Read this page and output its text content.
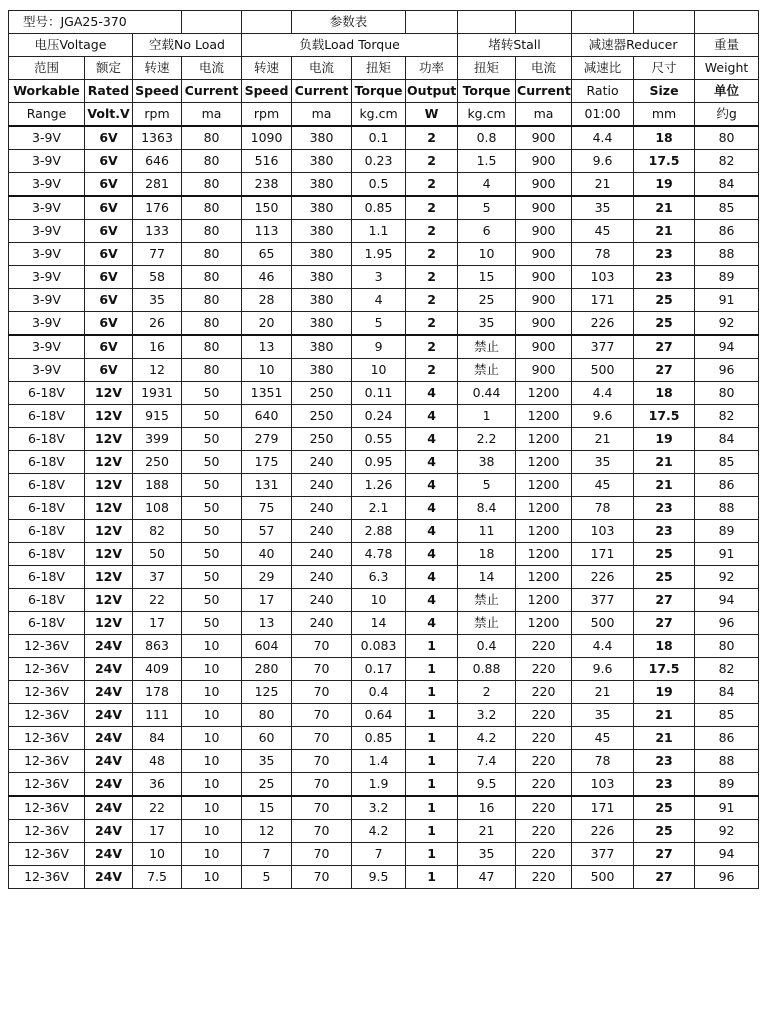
型号：JGA25-370					参数表							
电压Voltage		空载No Load		负载Load Torque				堵转Stall		减速器Reducer		重量
范围	额定	转速	电流	转速	电流	扭矩	功率	扭矩	电流	减速比	尺寸	Weight
Workable	Rated	Speed	Current	Speed	Current	Torque	Output	Torque	Current	Ratio	Size	单位
Range	Volt.V	rpm	ma	rpm	ma	kg.cm	W	kg.cm	ma	01:00	mm	约g
3-9V	6V	1363	80	1090	380	0.1	2	0.8	900	4.4	18	80
3-9V	6V	646	80	516	380	0.23	2	1.5	900	9.6	17.5	82
3-9V	6V	281	80	238	380	0.5	2	4	900	21	19	84
3-9V	6V	176	80	150	380	0.85	2	5	900	35	21	85
3-9V	6V	133	80	113	380	1.1	2	6	900	45	21	86
3-9V	6V	77	80	65	380	1.95	2	10	900	78	23	88
3-9V	6V	58	80	46	380	3	2	15	900	103	23	89
3-9V	6V	35	80	28	380	4	2	25	900	171	25	91
3-9V	6V	26	80	20	380	5	2	35	900	226	25	92
3-9V	6V	16	80	13	380	9	2	禁止	900	377	27	94
3-9V	6V	12	80	10	380	10	2	禁止	900	500	27	96
6-18V	12V	1931	50	1351	250	0.11	4	0.44	1200	4.4	18	80
6-18V	12V	915	50	640	250	0.24	4	1	1200	9.6	17.5	82
6-18V	12V	399	50	279	250	0.55	4	2.2	1200	21	19	84
6-18V	12V	250	50	175	240	0.95	4	38	1200	35	21	85
6-18V	12V	188	50	131	240	1.26	4	5	1200	45	21	86
6-18V	12V	108	50	75	240	2.1	4	8.4	1200	78	23	88
6-18V	12V	82	50	57	240	2.88	4	11	1200	103	23	89
6-18V	12V	50	50	40	240	4.78	4	18	1200	171	25	91
6-18V	12V	37	50	29	240	6.3	4	14	1200	226	25	92
6-18V	12V	22	50	17	240	10	4	禁止	1200	377	27	94
6-18V	12V	17	50	13	240	14	4	禁止	1200	500	27	96
12-36V	24V	863	10	604	70	0.083	1	0.4	220	4.4	18	80
12-36V	24V	409	10	280	70	0.17	1	0.88	220	9.6	17.5	82
12-36V	24V	178	10	125	70	0.4	1	2	220	21	19	84
12-36V	24V	111	10	80	70	0.64	1	3.2	220	35	21	85
12-36V	24V	84	10	60	70	0.85	1	4.2	220	45	21	86
12-36V	24V	48	10	35	70	1.4	1	7.4	220	78	23	88
12-36V	24V	36	10	25	70	1.9	1	9.5	220	103	23	89
12-36V	24V	22	10	15	70	3.2	1	16	220	171	25	91
12-36V	24V	17	10	12	70	4.2	1	21	220	226	25	92
12-36V	24V	10	10	7	70	7	1	35	220	377	27	94
12-36V	24V	7.5	10	5	70	9.5	1	47	220	500	27	96
